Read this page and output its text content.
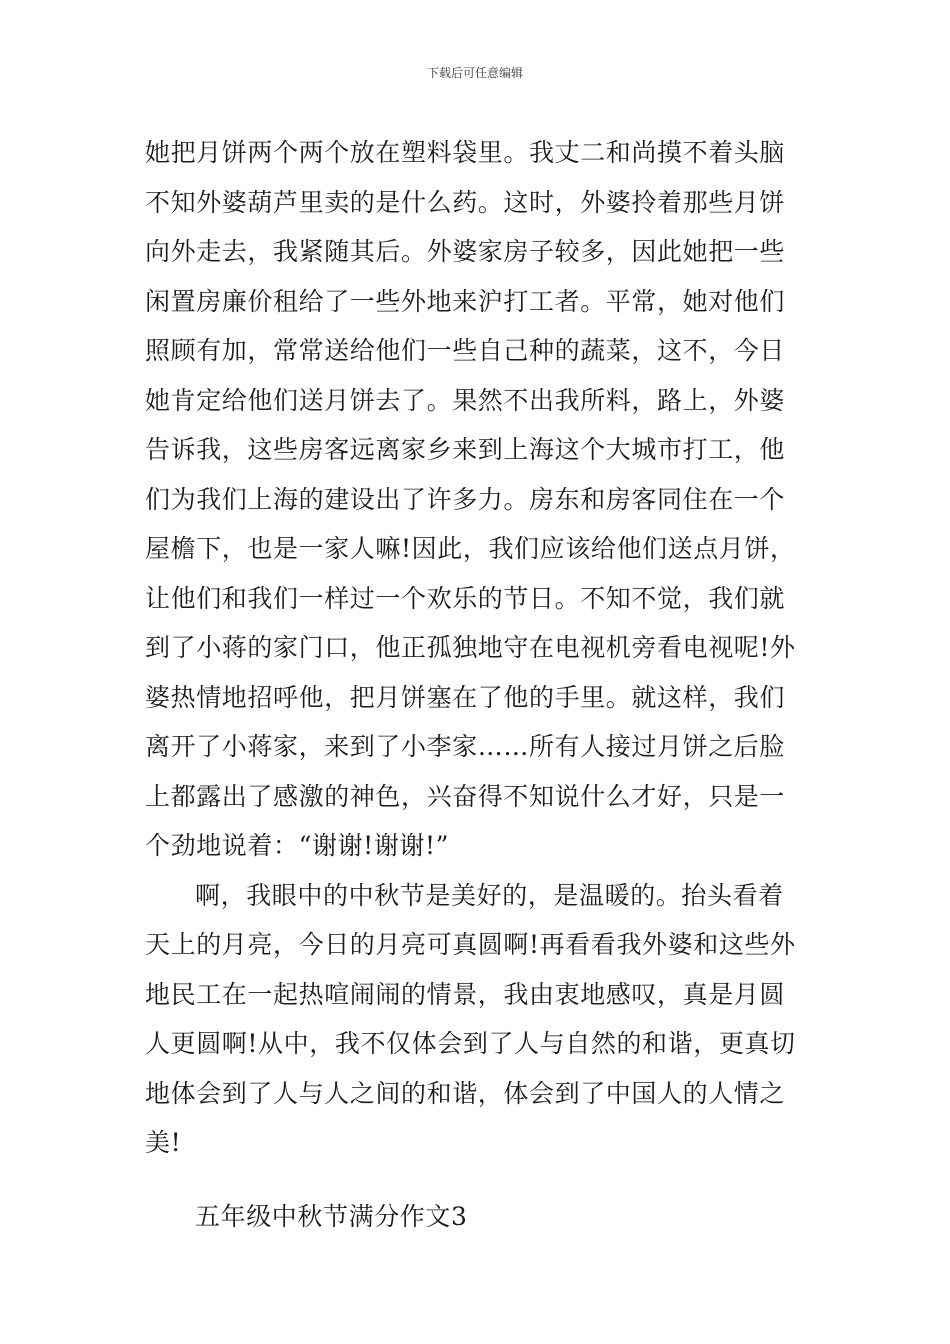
下载后可任意编辑
她把月饼两个两个放在塑料袋里。我丈二和尚摸不着头脑
不知外婆葫芦里卖的是什么药。这时，外婆拎着那些月饼
向外走去，我紧随其后。外婆家房子较多，因此她把一些
闲置房廉价租给了一些外地来沪打工者。平常，她对他们
照顾有加，常常送给他们一些自己种的蔬菜，这不，今日
她肯定给他们送月饼去了。果然不出我所料，路上，外婆
告诉我，这些房客远离家乡来到上海这个大城市打工，他
们为我们上海的建设出了许多力。房东和房客同住在一个
屋檐下，也是一家人嘛!因此，我们应该给他们送点月饼，
让他们和我们一样过一个欢乐的节日。不知不觉，我们就
到了小蒋的家门口，他正孤独地守在电视机旁看电视呢!外
婆热情地招呼他，把月饼塞在了他的手里。就这样，我们
离开了小蒋家，来到了小李家……所有人接过月饼之后脸
上都露出了感激的神色，兴奋得不知说什么才好，只是一
个劲地说着：“谢谢!谢谢!”
啊，我眼中的中秋节是美好的，是温暖的。抬头看着
天上的月亮，今日的月亮可真圆啊!再看看我外婆和这些外
地民工在一起热喧闹闹的情景，我由衷地感叹，真是月圆
人更圆啊!从中，我不仅体会到了人与自然的和谐，更真切
地体会到了人与人之间的和谐，体会到了中国人的人情之
美!
五年级中秋节满分作文3
